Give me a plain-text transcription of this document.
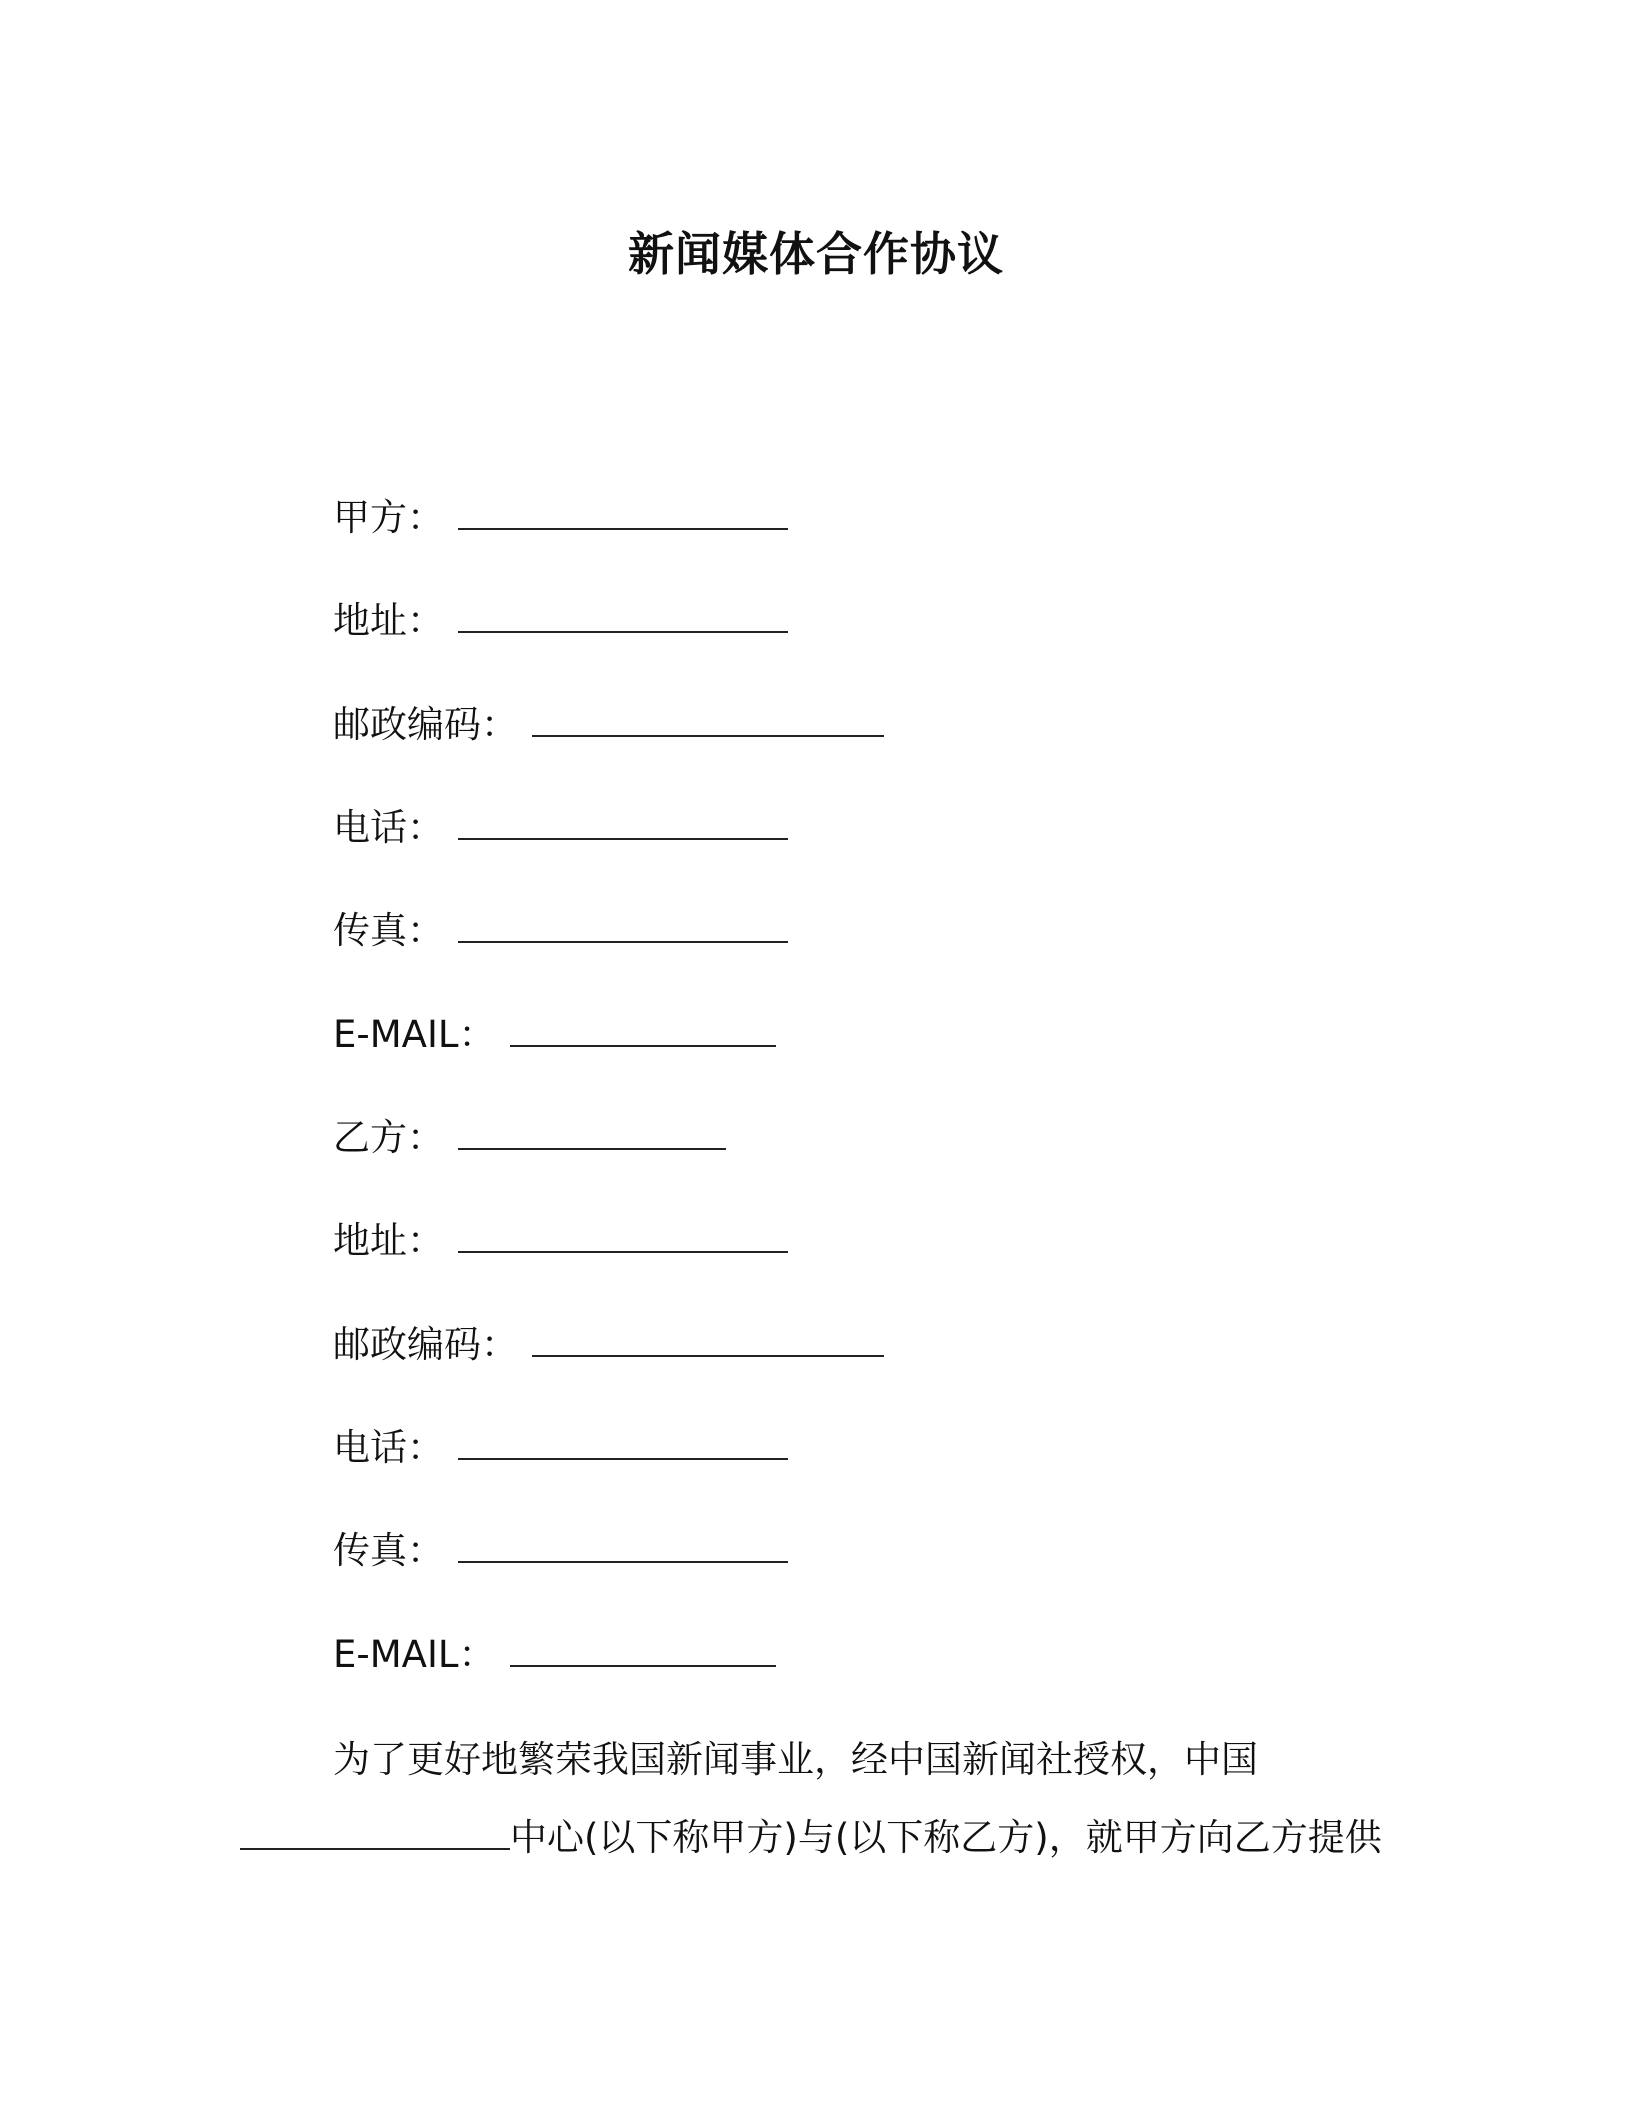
新闻媒体合作协议
甲方：
地址：
邮政编码：
电话：
传真：
E-MAIL：
乙方：
地址：
邮政编码：
电话：
传真：
E-MAIL：
为了更好地繁荣我国新闻事业，经中国新闻社授权，中国
中心(以下称甲方)与(以下称乙方)，就甲方向乙方提供
